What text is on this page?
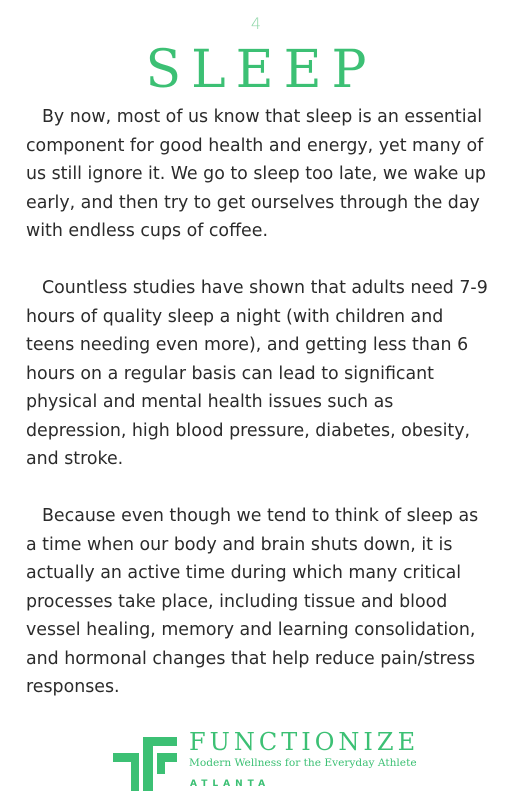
4
SLEEP

By now, most of us know that sleep is an essential component for good health and energy, yet many of us still ignore it. We go to sleep too late, we wake up early, and then try to get ourselves through the day with endless cups of coffee.

Countless studies have shown that adults need 7-9 hours of quality sleep a night (with children and teens needing even more), and getting less than 6 hours on a regular basis can lead to significant physical and mental health issues such as depression, high blood pressure, diabetes, obesity, and stroke.

Because even though we tend to think of sleep as a time when our body and brain shuts down, it is actually an active time during which many critical processes take place, including tissue and blood vessel healing, memory and learning consolidation, and hormonal changes that help reduce pain/stress responses.

FUNCTIONIZE
Modern Wellness for the Everyday Athlete
ATLANTA
